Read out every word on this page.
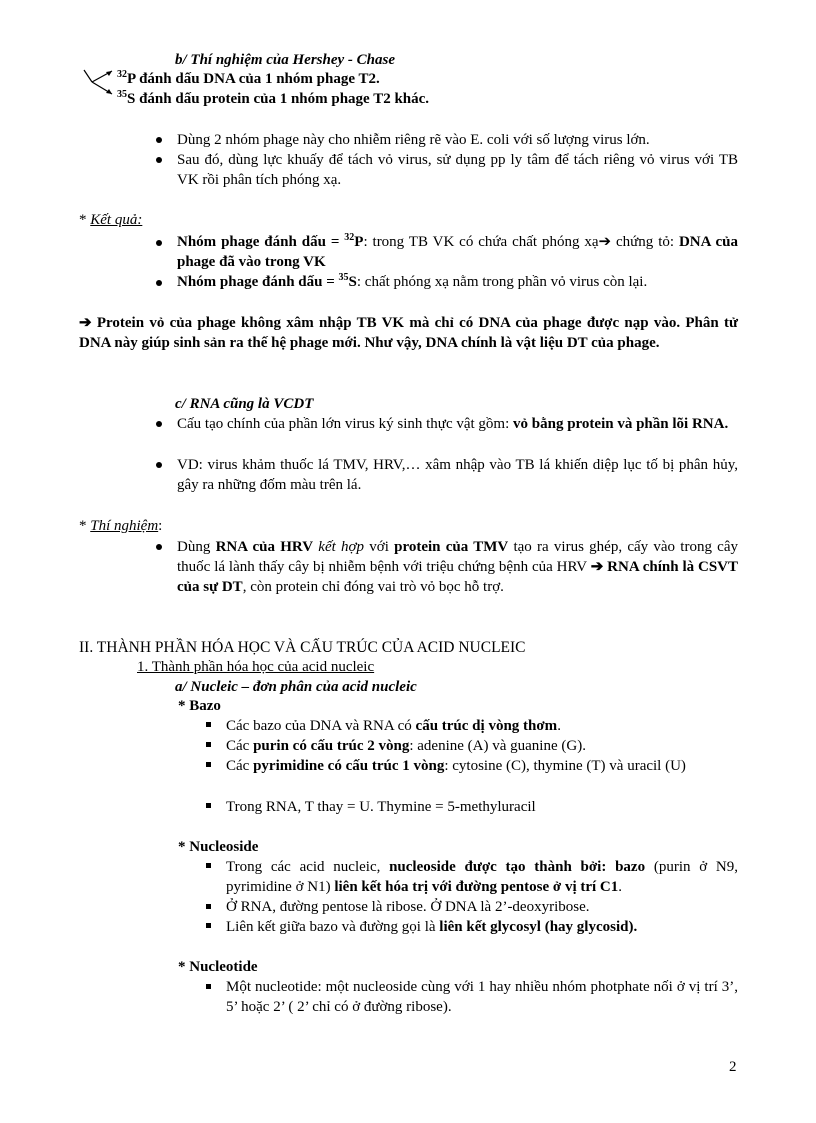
b/ Thí nghiệm của Hershey - Chase
$^{32}$P đánh dấu DNA của 1 nhóm phage T2.
$^{35}$S đánh dấu protein của 1 nhóm phage T2 khác.
Dùng 2 nhóm phage này cho nhiễm riêng rẽ vào E. coli với số lượng virus lớn.
Sau đó, dùng lực khuấy để tách vỏ virus, sử dụng pp ly tâm để tách riêng vỏ virus với TB VK rồi phân tích phóng xạ.
* Kết quả:
Nhóm phage đánh dấu = $^{32}$P: trong TB VK có chứa chất phóng xạ➔ chứng tỏ: DNA của phage đã vào trong VK
Nhóm phage đánh dấu = $^{35}$S: chất phóng xạ nằm trong phần vỏ virus còn lại.
➔ Protein vỏ của phage không xâm nhập TB VK mà chỉ có DNA của phage được nạp vào. Phân tử DNA này giúp sinh sản ra thế hệ phage mới. Như vậy, DNA chính là vật liệu DT của phage.
c/ RNA cũng là VCDT
Cấu tạo chính của phần lớn virus ký sinh thực vật gồm: vỏ bằng protein và phần lõi RNA.
VD: virus khảm thuốc lá TMV, HRV,… xâm nhập vào TB lá khiến diệp lục tố bị phân hủy, gây ra những đốm màu trên lá.
* Thí nghiệm:
Dùng RNA của HRV kết hợp với protein của TMV tạo ra virus ghép, cấy vào trong cây thuốc lá lành thấy cây bị nhiễm bệnh với triệu chứng bệnh của HRV ➔ RNA chính là CSVT của sự DT, còn protein chỉ đóng vai trò vỏ bọc hỗ trợ.
II. THÀNH PHẦN HÓA HỌC VÀ CẤU TRÚC CỦA ACID NUCLEIC
1. Thành phần hóa học của acid nucleic
a/ Nucleic – đơn phân của acid nucleic
* Bazo
Các bazo của DNA và RNA có cấu trúc dị vòng thơm.
Các purin có cấu trúc 2 vòng: adenine (A) và guanine (G).
Các pyrimidine có cấu trúc 1 vòng: cytosine (C), thymine (T) và uracil (U)
Trong RNA, T thay = U. Thymine = 5-methyluracil
* Nucleoside
Trong các acid nucleic, nucleoside được tạo thành bởi: bazo (purin ở N9, pyrimidine ở N1) liên kết hóa trị với đường pentose ở vị trí C1.
Ở RNA, đường pentose là ribose. Ở DNA là 2’-deoxyribose.
Liên kết giữa bazo và đường gọi là liên kết glycosyl (hay glycosid).
* Nucleotide
Một nucleotide: một nucleoside cùng với 1 hay nhiều nhóm photphate nối ở vị trí 3’, 5’ hoặc 2’ ( 2’ chỉ có ở đường ribose).
2
